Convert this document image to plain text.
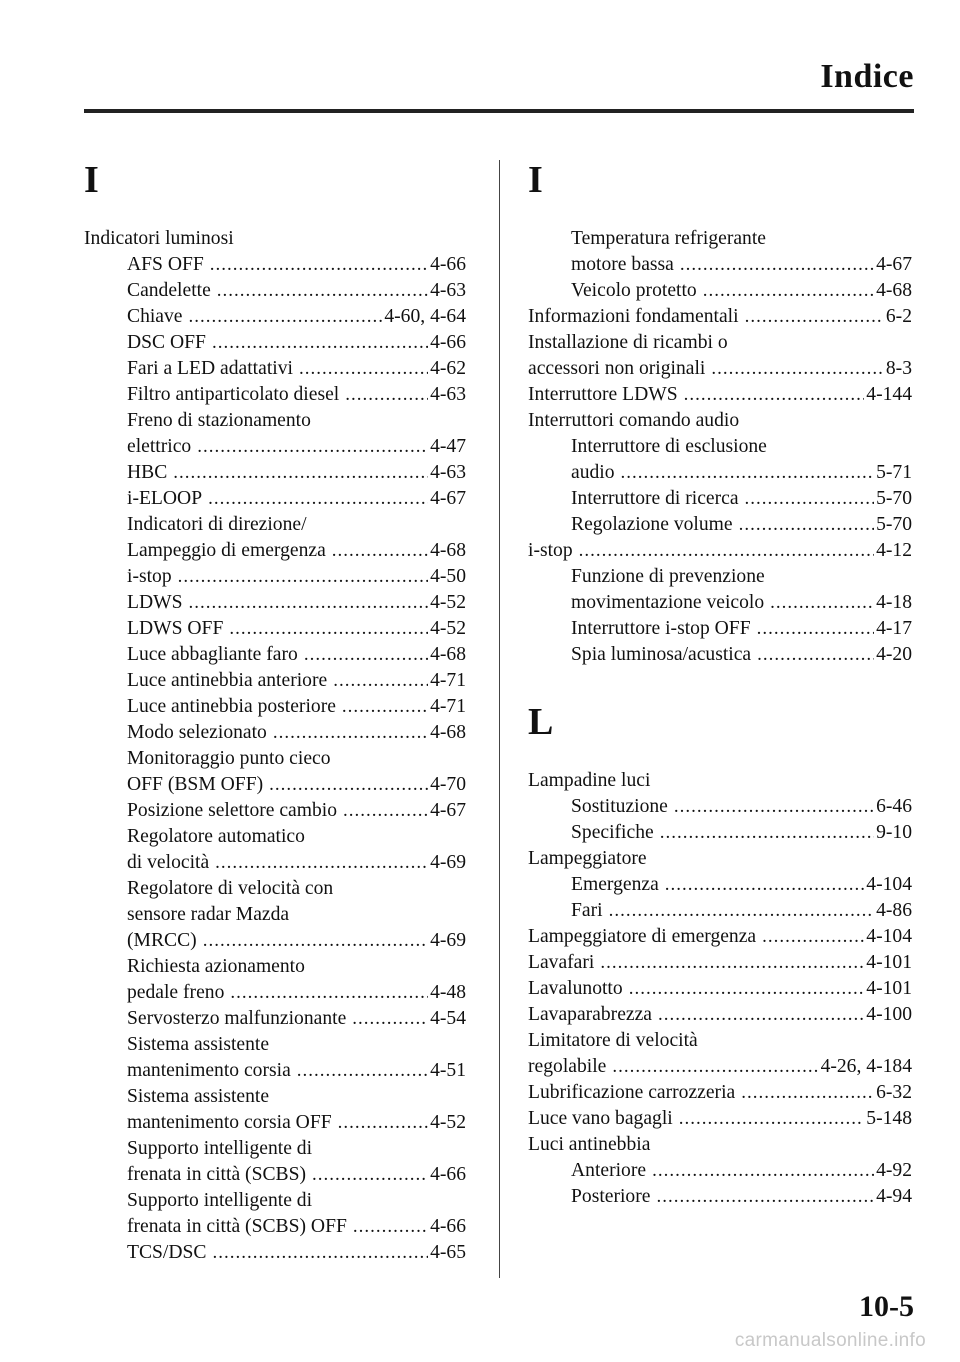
Indice
I
Indicatori luminosi
AFS OFF .....	4-66
Candelette .....	4-63
Chiave .....	4-60, 4-64
DSC OFF .....	4-66
Fari a LED adattativi .....	4-62
Filtro antiparticolato diesel .....	4-63
Freno di stazionamento
elettrico .....	4-47
HBC .....	4-63
i-ELOOP .....	4-67
Indicatori di direzione/
Lampeggio di emergenza .....	4-68
i-stop .....	4-50
LDWS .....	4-52
LDWS OFF .....	4-52
Luce abbagliante faro .....	4-68
Luce antinebbia anteriore .....	4-71
Luce antinebbia posteriore .....	4-71
Modo selezionato .....	4-68
Monitoraggio punto cieco
OFF (BSM OFF) .....	4-70
Posizione selettore cambio .....	4-67
Regolatore automatico
di velocità .....	4-69
Regolatore di velocità con
sensore radar Mazda
(MRCC) .....	4-69
Richiesta azionamento
pedale freno .....	4-48
Servosterzo malfunzionante .....	4-54
Sistema assistente
mantenimento corsia .....	4-51
Sistema assistente
mantenimento corsia OFF .....	4-52
Supporto intelligente di
frenata in città (SCBS) .....	4-66
Supporto intelligente di
frenata in città (SCBS) OFF .....	4-66
TCS/DSC .....	4-65
I
Temperatura refrigerante
motore bassa .....	4-67
Veicolo protetto .....	4-68
Informazioni fondamentali .....	6-2
Installazione di ricambi o
accessori non originali .....	8-3
Interruttore LDWS .....	4-144
Interruttori comando audio
Interruttore di esclusione
audio .....	5-71
Interruttore di ricerca .....	5-70
Regolazione volume .....	5-70
i-stop .....	4-12
Funzione di prevenzione
movimentazione veicolo .....	4-18
Interruttore i-stop OFF .....	4-17
Spia luminosa/acustica .....	4-20
L
Lampadine luci
Sostituzione .....	6-46
Specifiche .....	9-10
Lampeggiatore
Emergenza .....	4-104
Fari .....	4-86
Lampeggiatore di emergenza .....	4-104
Lavafari .....	4-101
Lavalunotto .....	4-101
Lavaparabrezza .....	4-100
Limitatore di velocità
regolabile .....	4-26, 4-184
Lubrificazione carrozzeria .....	6-32
Luce vano bagagli .....	5-148
Luci antinebbia
Anteriore .....	4-92
Posteriore .....	4-94
10-5
carmanualsonline.info
